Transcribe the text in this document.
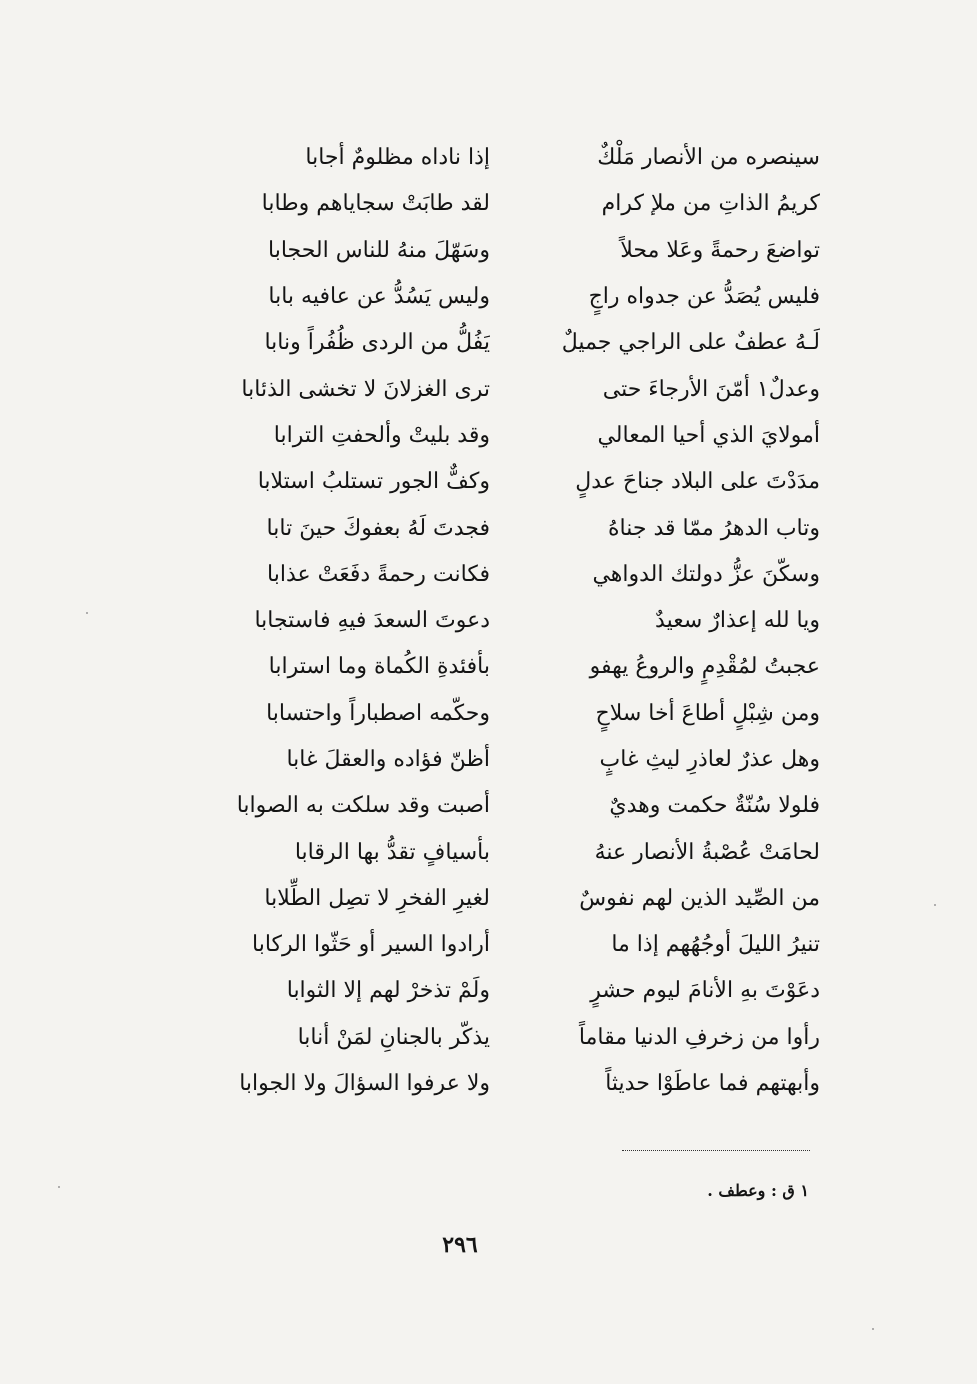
سينصره من الأنصار مَلْكٌ
إذا ناداه مظلومٌ أجابا
كريمُ الذاتِ من ملإ كرام
لقد طابَتْ سجاياهم وطابا
تواضعَ رحمةً وعَلا محلاً
وسَهّلَ منهُ للناس الحجابا
فليس يُصَدُّ عن جدواه راجٍ
وليس يَسُدُّ عن عافيه بابا
لَـهُ عطفٌ على الراجي جميلٌ
يَفُلُّ من الردى ظُفُراً ونابا
وعدلٌ١ أمّنَ الأرجاءَ حتى
ترى الغزلانَ لا تخشى الذئابا
أمولايَ الذي أحيا المعالي
وقد بليتْ وألحفتِ الترابا
مدَدْتَ على البلاد جناحَ عدلٍ
وكفٌّ الجور تستلبُ استلابا
وتاب الدهرُ ممّا قد جناهُ
فجدتَ لَهُ بعفوكَ حينَ تابا
وسكّنَ عزُّ دولتك الدواهي
فكانت رحمةً دفَعَتْ عذابا
ويا لله إعذارٌ سعيدٌ
دعوتَ السعدَ فيهِ فاستجابا
عجبتُ لمُقْدِمٍ والروعُ يهفو
بأفئدةِ الكُماة وما استرابا
ومن شِبْلٍ أطاعَ أخا سلاحٍ
وحكّمه اصطباراً واحتسابا
وهل عذرٌ لعاذرِ ليثِ غابٍ
أظنّ فؤاده والعقلَ غابا
فلولا سُنّةٌ حكمت وهديٌ
أصبت وقد سلكت به الصوابا
لحامَتْ عُصْبةُ الأنصار عنهُ
بأسيافٍ تقدُّ بها الرقابا
من الصِّيد الذين لهم نفوسٌ
لغيرِ الفخرِ لا تصِل الطِّلابا
تنيرُ الليلَ أوجُهُهم إذا ما
أرادوا السير أو حَثّوا الركابا
دعَوْتَ بهِ الأنامَ ليوم حشرٍ
ولَمْ تذخرْ لهم إلا الثوابا
رأوا من زخرفِ الدنيا مقاماً
يذكّر بالجنانِ لمَنْ أنابا
وأبهتهم فما عاطَوْا حديثاً
ولا عرفوا السؤالَ ولا الجوابا
١ ق : وعطف .
٢٩٦
